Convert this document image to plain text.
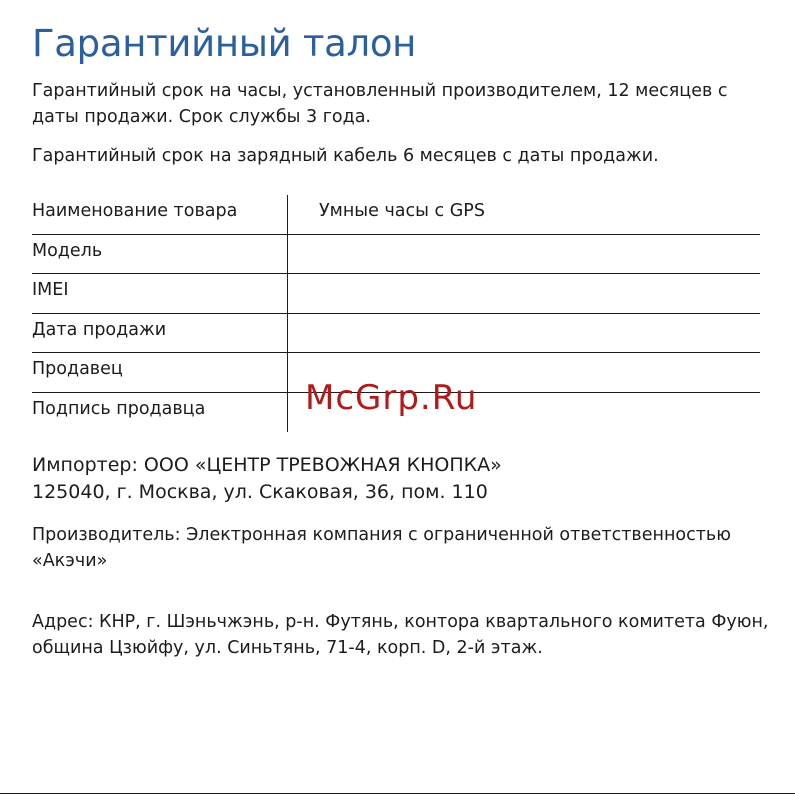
Гарантийный талон

Гарантийный срок на часы, установленный производителем, 12 месяцев с
даты продажи. Срок службы 3 года.

Гарантийный срок на зарядный кабель 6 месяцев с даты продажи.

Наименование товара	Умные часы с GPS
Модель
IMEI
Дата продажи
Продавец
Подпись продавца
Импортер: ООО «ЦЕНТР ТРЕВОЖНАЯ КНОПКА»
125040, г. Москва, ул. Скаковая, 36, пом. 110
Производитель: Электронная компания с ограниченной ответственностью
«Акэчи»
Адрес: КНР, г. Шэньчжэнь, р-н. Футянь, контора квартального комитета Фуюн,
община Цзюйфу, ул. Синьтянь, 71-4, корп. D, 2-й этаж.
McGrp.Ru
